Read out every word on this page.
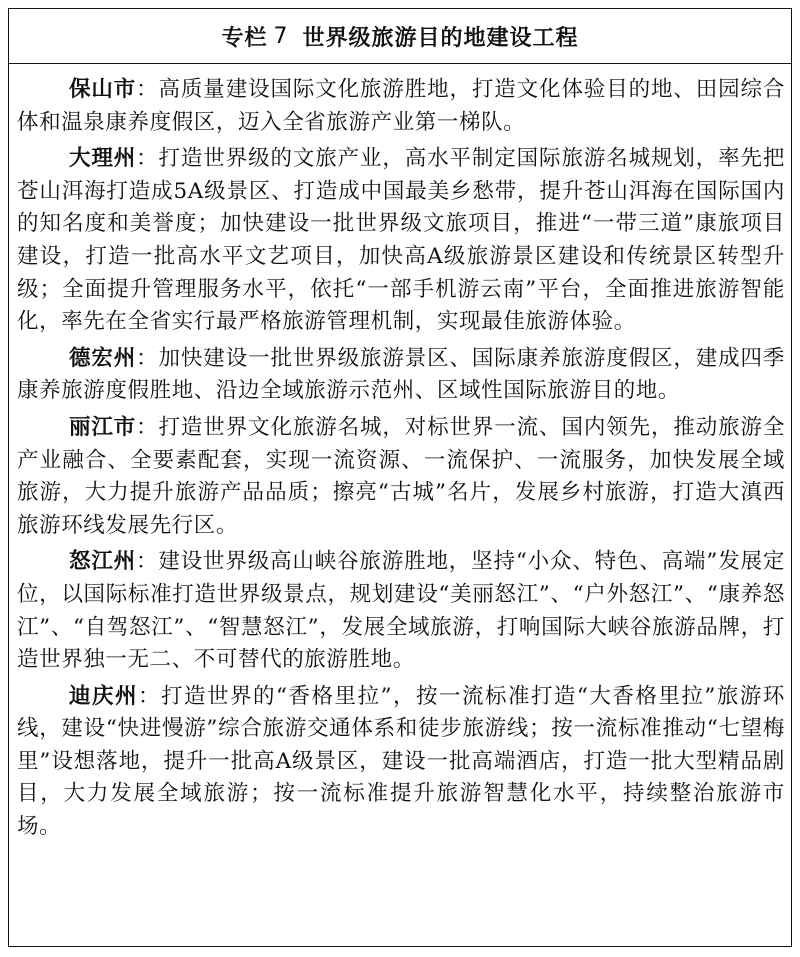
专栏 7 世界级旅游目的地建设工程

保山市：高质量建设国际文化旅游胜地，打造文化体验目的地、田园综合体和温泉康养度假区，迈入全省旅游产业第一梯队。

大理州：打造世界级的文旅产业，高水平制定国际旅游名城规划，率先把苍山洱海打造成5A级景区、打造成中国最美乡愁带，提升苍山洱海在国际国内的知名度和美誉度；加快建设一批世界级文旅项目，推进“一带三道”康旅项目建设，打造一批高水平文艺项目，加快高A级旅游景区建设和传统景区转型升级；全面提升管理服务水平，依托“一部手机游云南”平台，全面推进旅游智能化，率先在全省实行最严格旅游管理机制，实现最佳旅游体验。

德宏州：加快建设一批世界级旅游景区、国际康养旅游度假区，建成四季康养旅游度假胜地、沿边全域旅游示范州、区域性国际旅游目的地。

丽江市：打造世界文化旅游名城，对标世界一流、国内领先，推动旅游全产业融合、全要素配套，实现一流资源、一流保护、一流服务，加快发展全域旅游，大力提升旅游产品品质；擦亮“古城”名片，发展乡村旅游，打造大滇西旅游环线发展先行区。

怒江州：建设世界级高山峡谷旅游胜地，坚持“小众、特色、高端”发展定位，以国际标准打造世界级景点，规划建设“美丽怒江”、“户外怒江”、“康养怒江”、“自驾怒江”、“智慧怒江”，发展全域旅游，打响国际大峡谷旅游品牌，打造世界独一无二、不可替代的旅游胜地。

迪庆州：打造世界的“香格里拉”，按一流标准打造“大香格里拉”旅游环线，建设“快进慢游”综合旅游交通体系和徒步旅游线；按一流标准推动“七望梅里”设想落地，提升一批高A级景区，建设一批高端酒店，打造一批大型精品剧目，大力发展全域旅游；按一流标准提升旅游智慧化水平，持续整治旅游市场。
